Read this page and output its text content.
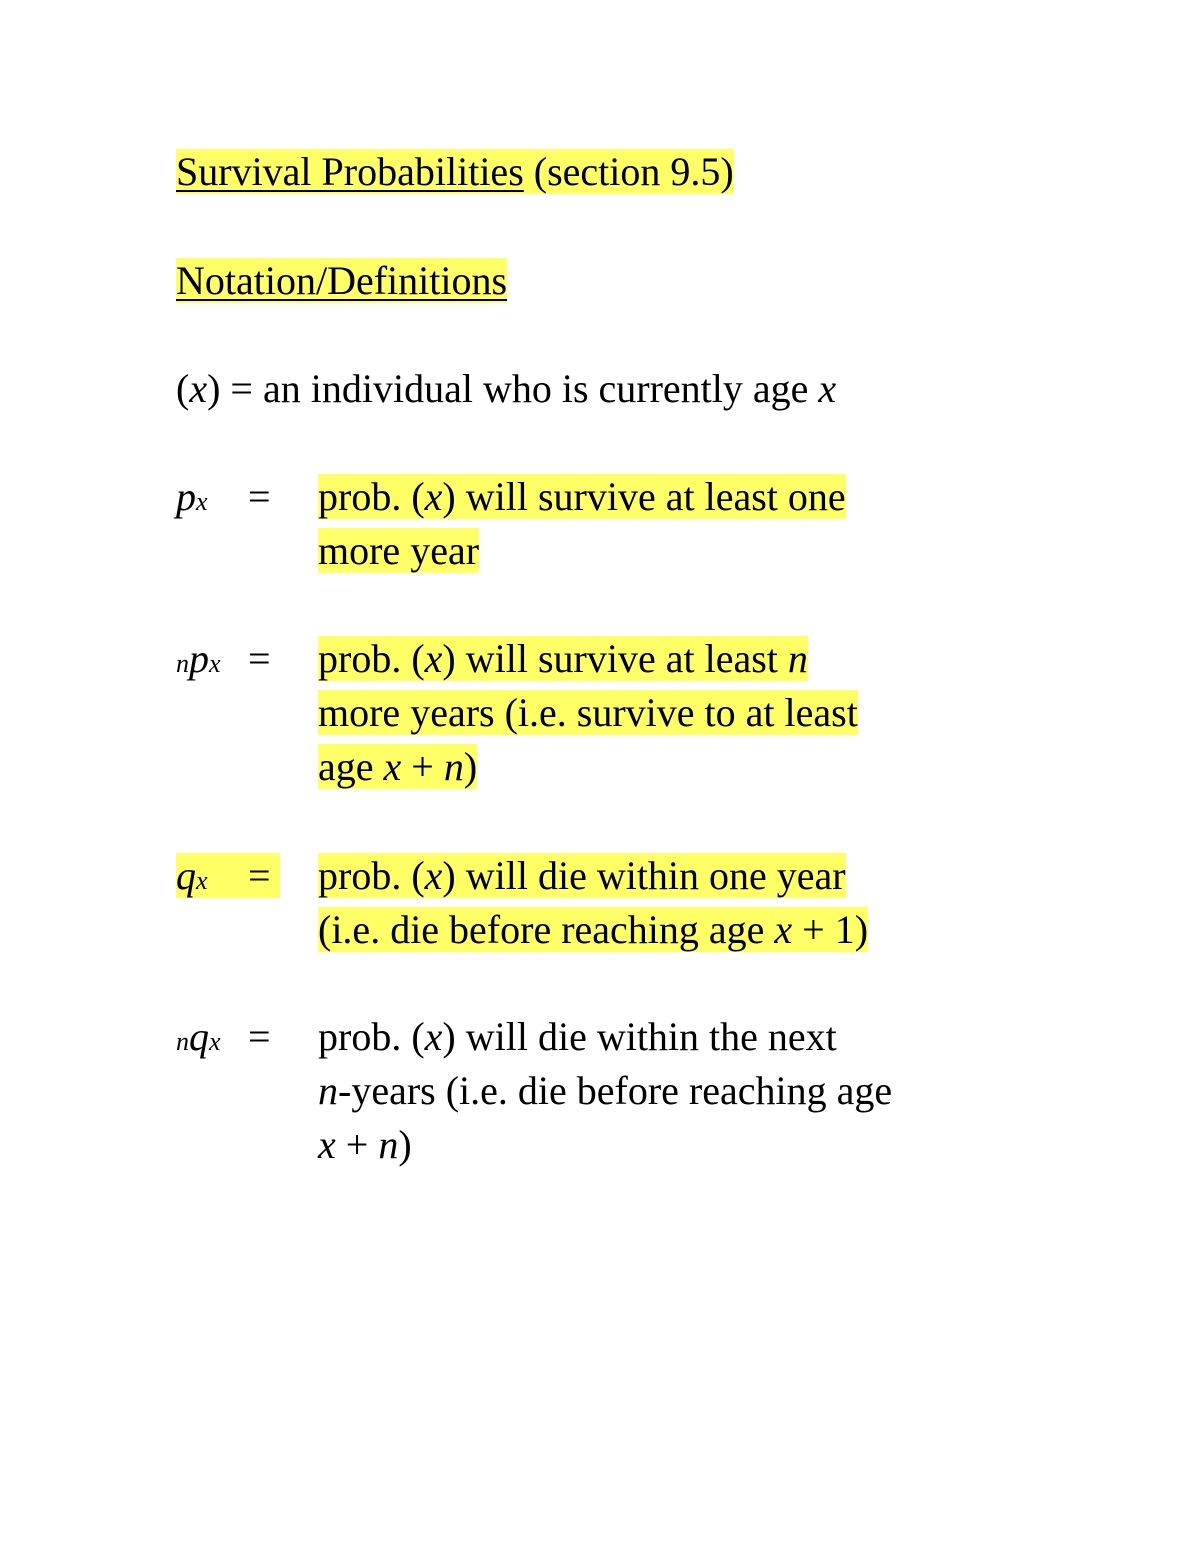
Survival Probabilities (section 9.5)
Notation/Definitions
(x) = an individual who is currently age x
px = prob. (x) will survive at least one
more year
npx = prob. (x) will survive at least n
more years (i.e. survive to at least
age x + n)
qx	= prob. (x) will die within one year
(i.e. die before reaching age x + 1)
nqx = prob. (x) will die within the next
n-years (i.e. die before reaching age
x + n)
